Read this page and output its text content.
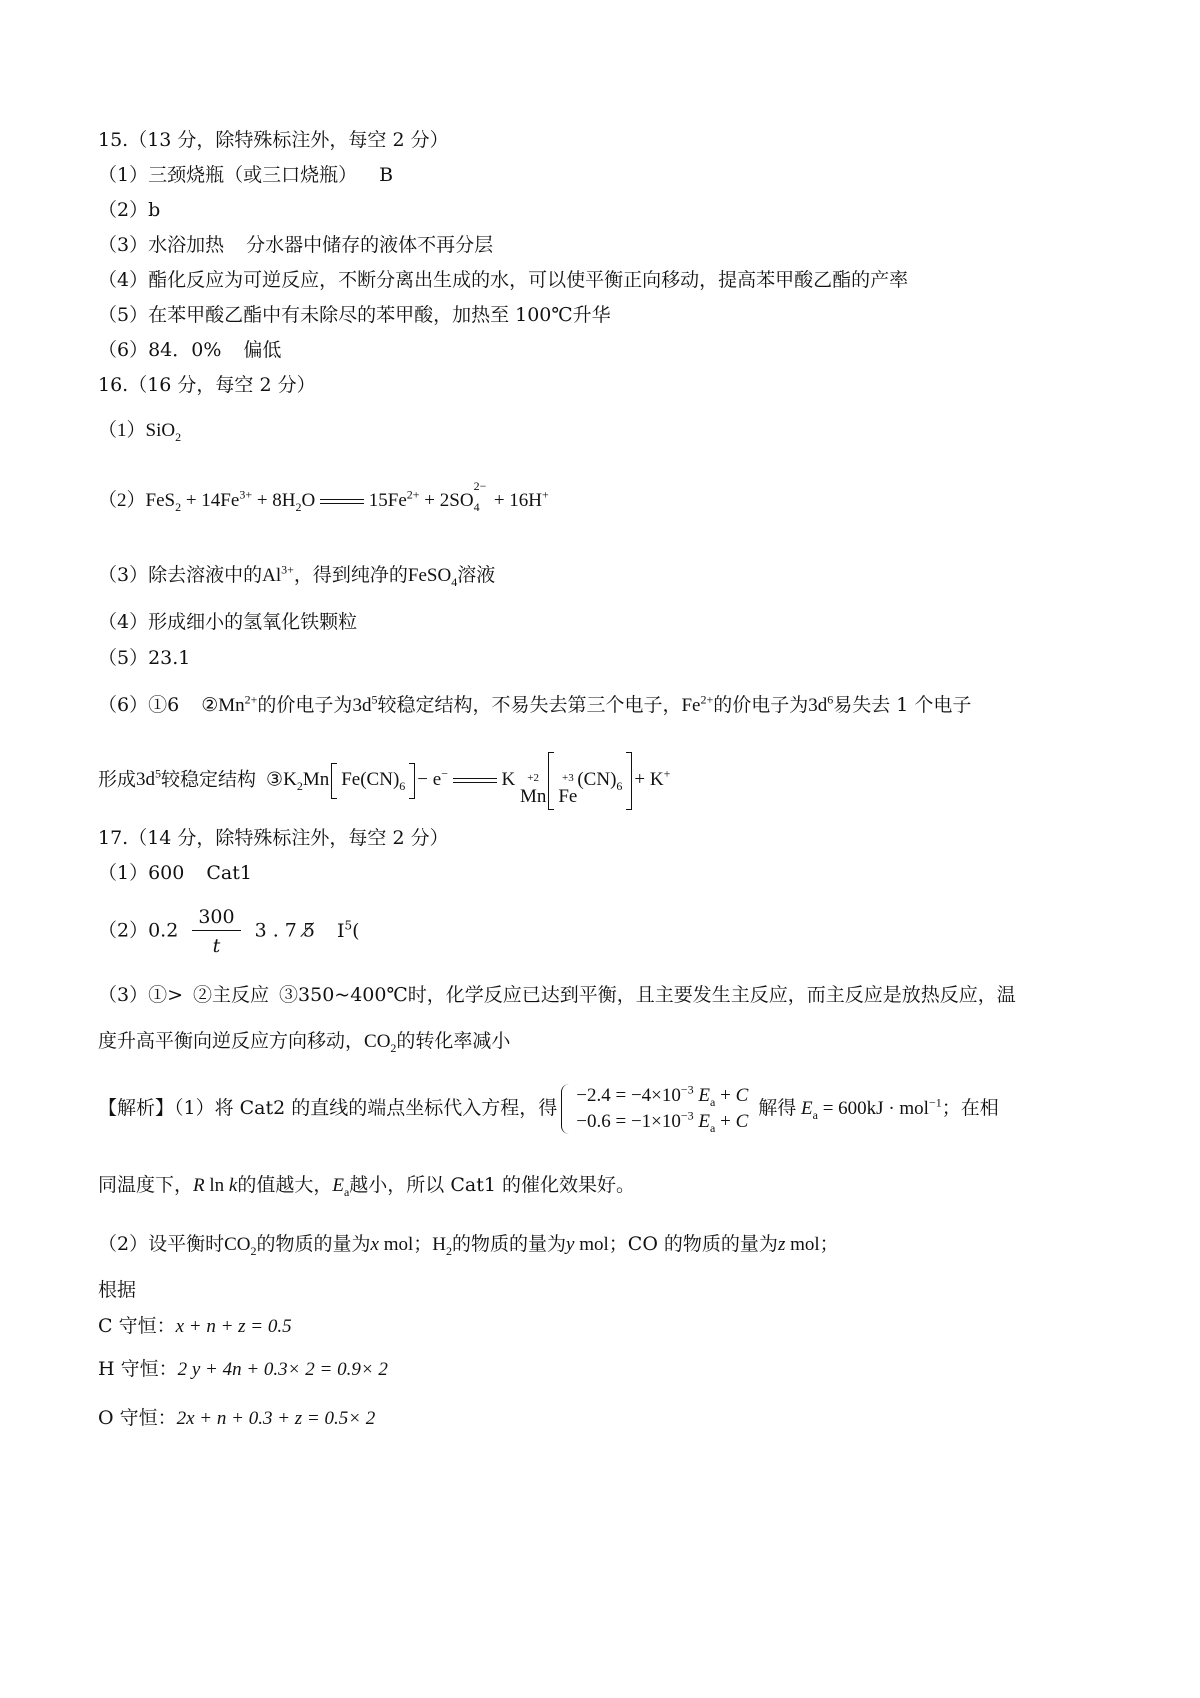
15.（13 分，除特殊标注外，每空 2 分）
（1）三颈烧瓶（或三口烧瓶） B
（2）b
（3）水浴加热 分水器中储存的液体不再分层
（4）酯化反应为可逆反应，不断分离出生成的水，可以使平衡正向移动，提高苯甲酸乙酯的产率
（5）在苯甲酸乙酯中有未除尽的苯甲酸，加热至 100℃升华
（6）84．0% 偏低
16.（16 分，每空 2 分）
（1）SiO$_2$
$(2)FeS_2 + 14Fe^{3+} + 8H_2O$  $15Fe^{2+} + 2SO$
$_{2- 4}$   + 16H+
（3）除去溶液中的$Al^{3+}$，得到纯净的FeSO$_4$溶液
（4）形成细小的氢氧化铁颗粒
（5）23.1
（6）①6 $②Mn^{2+}$的价电子为$3d^5$较稳定结构，不易失去第三个电子，$Fe^{2+}$的价电子为$3d^6$易失去 1 个电子
形成$3d^5$较稳定结构 $③K_2Mn$ $Fe(CN)_6 - e^-$	K +2
Mn
+3
Fe
$(CN)_6 + K^+$
17.（14 分，除特殊标注外，每空 2 分）
（1）600 Cat1
$(2)0.2 \frac{300}{t} 3$ . 7 5̸ $I^5$(
（3）①> ②主反应 ③350~400℃时，化学反应已达到平衡，且主要发生主反应，而主反应是放热反应，温
度升高平衡向逆反应方向移动，$CO_2$的转化率减小
【解析】（1）将 Cat2 的直线的端点坐标代入方程，得
$-2.4 = -4\times 10^{-3}$ $E_a + C$
$-0.6 = -1\times 10^{-3}$ $E_a + C$
解得 $E_a = 600kJ \cdot mol^{-1}$；在相
同温度下，R ln k的值越大，$E_a$越小，所以 Cat1 的催化效果好。
（2）设平衡时$CO_2$的物质的量为x mol；$H_2$的物质的量为y mol；CO 的物质的量为z mol；
根据
C 守恒：x + n + z = 0.5
H 守恒：2 y + 4n + 0.3× 2 = 0.9× 2
O 守恒：2x + n + 0.3 + z = 0.5× 2
